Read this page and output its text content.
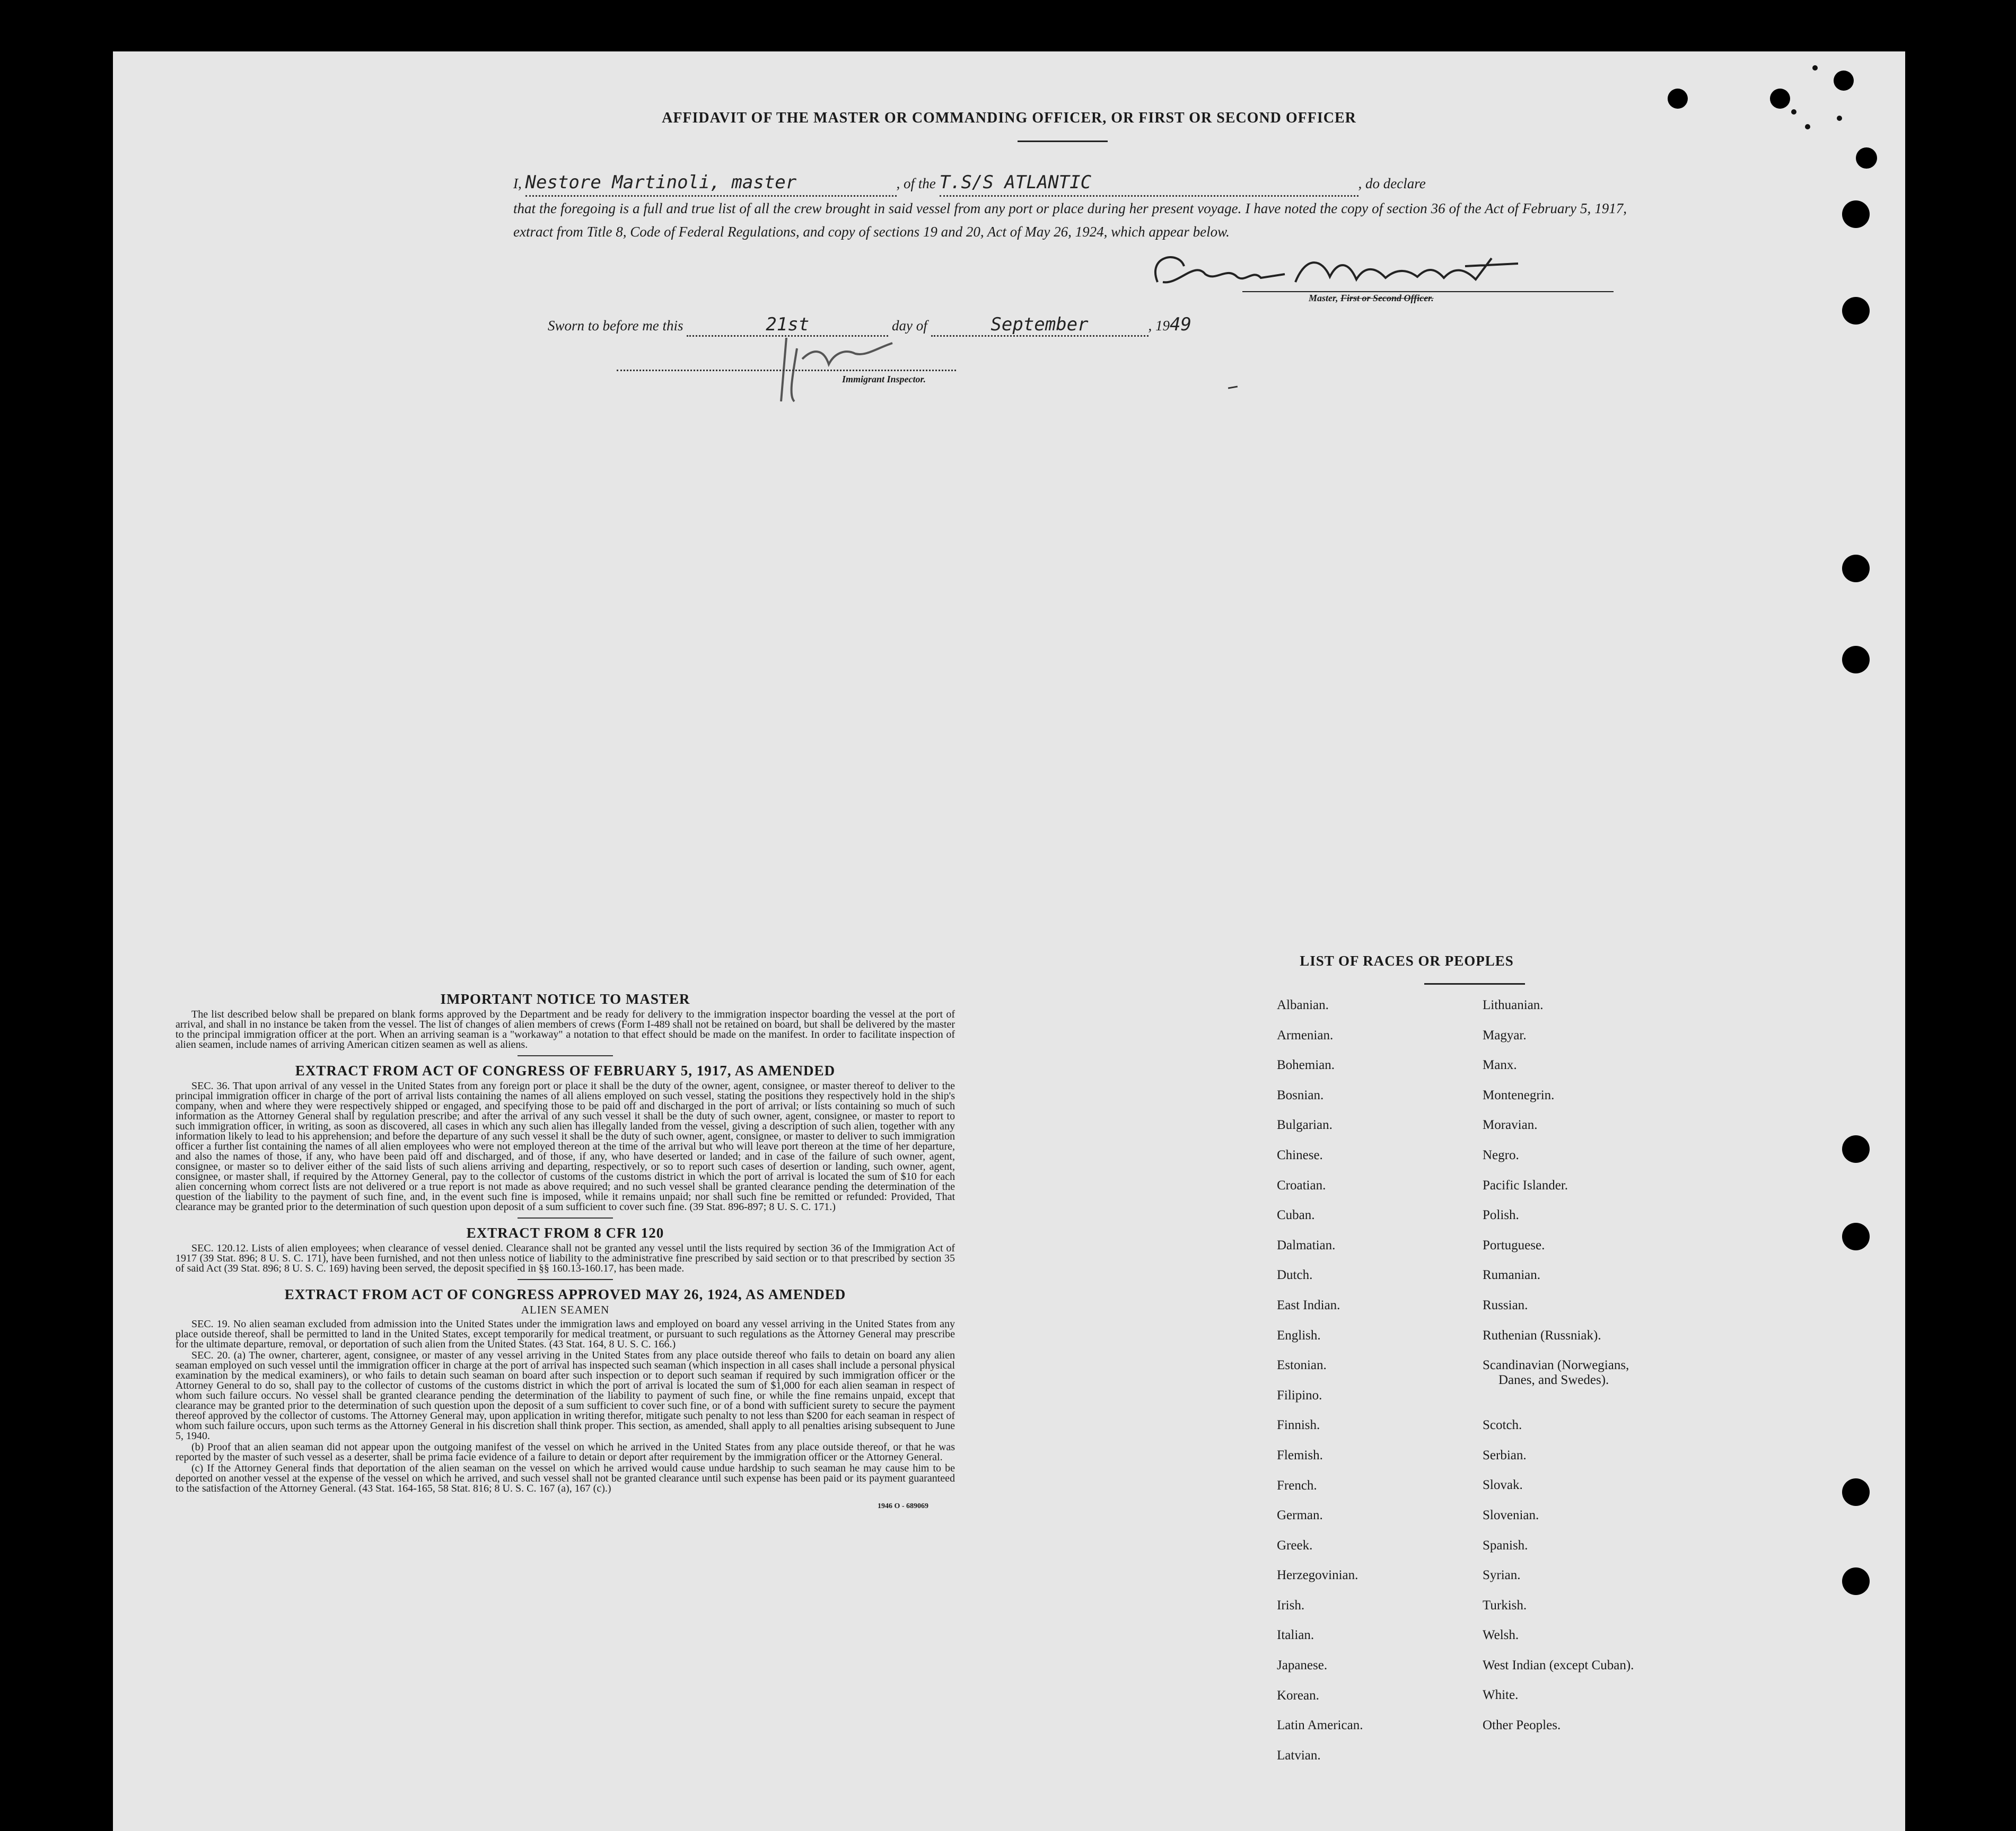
AFFIDAVIT OF THE MASTER OR COMMANDING OFFICER, OR FIRST OR SECOND OFFICER
I, Nestore Martinoli, master	, of the T.S/S ATLANTIC	, do declare
that the foregoing is a full and true list of all the crew brought in said vessel from any port or place during her present voyage. I have noted the copy of section 36 of the Act of February 5, 1917, extract from Title 8, Code of Federal Regulations, and copy of sections 19 and 20, Act of May 26, 1924, which appear below.
Master, First or Second Officer.
Sworn to before me this	21st	day of	September	, 1949
Immigrant Inspector.
IMPORTANT NOTICE TO MASTER

The list described below shall be prepared on blank forms approved by the Department and be ready for delivery to the immigration inspector boarding the vessel at the port of arrival, and shall in no instance be taken from the vessel. The list of changes of alien members of crews (Form I-489 shall not be retained on board, but shall be delivered by the master to the principal immigration officer at the port. When an arriving seaman is a "workaway" a notation to that effect should be made on the manifest. In order to facilitate inspection of alien seamen, include names of arriving American citizen seamen as well as aliens.

EXTRACT FROM ACT OF CONGRESS OF FEBRUARY 5, 1917, AS AMENDED

SEC. 36. That upon arrival of any vessel in the United States from any foreign port or place it shall be the duty of the owner, agent, consignee, or master thereof to deliver to the principal immigration officer in charge of the port of arrival lists containing the names of all aliens employed on such vessel, stating the positions they respectively hold in the ship's company, when and where they were respectively shipped or engaged, and specifying those to be paid off and discharged in the port of arrival; or lists containing so much of such information as the Attorney General shall by regulation prescribe; and after the arrival of any such vessel it shall be the duty of such owner, agent, consignee, or master to report to such immigration officer, in writing, as soon as discovered, all cases in which any such alien has illegally landed from the vessel, giving a description of such alien, together with any information likely to lead to his apprehension; and before the departure of any such vessel it shall be the duty of such owner, agent, consignee, or master to deliver to such immigration officer a further list containing the names of all alien employees who were not employed thereon at the time of the arrival but who will leave port thereon at the time of her departure, and also the names of those, if any, who have been paid off and discharged, and of those, if any, who have deserted or landed; and in case of the failure of such owner, agent, consignee, or master so to deliver either of the said lists of such aliens arriving and departing, respectively, or so to report such cases of desertion or landing, such owner, agent, consignee, or master shall, if required by the Attorney General, pay to the collector of customs of the customs district in which the port of arrival is located the sum of $10 for each alien concerning whom correct lists are not delivered or a true report is not made as above required; and no such vessel shall be granted clearance pending the determination of the question of the liability to the payment of such fine, and, in the event such fine is imposed, while it remains unpaid; nor shall such fine be remitted or refunded: Provided, That clearance may be granted prior to the determination of such question upon deposit of a sum sufficient to cover such fine. (39 Stat. 896-897; 8 U. S. C. 171.)

EXTRACT FROM 8 CFR 120

SEC. 120.12. Lists of alien employees; when clearance of vessel denied. Clearance shall not be granted any vessel until the lists required by section 36 of the Immigration Act of 1917 (39 Stat. 896; 8 U. S. C. 171), have been furnished, and not then unless notice of liability to the administrative fine prescribed by said section or to that prescribed by section 35 of said Act (39 Stat. 896; 8 U. S. C. 169) having been served, the deposit specified in §§ 160.13-160.17, has been made.

EXTRACT FROM ACT OF CONGRESS APPROVED MAY 26, 1924, AS AMENDED
ALIEN SEAMEN

SEC. 19. No alien seaman excluded from admission into the United States under the immigration laws and employed on board any vessel arriving in the United States from any place outside thereof, shall be permitted to land in the United States, except temporarily for medical treatment, or pursuant to such regulations as the Attorney General may prescribe for the ultimate departure, removal, or deportation of such alien from the United States. (43 Stat. 164, 8 U. S. C. 166.)

SEC. 20. (a) The owner, charterer, agent, consignee, or master of any vessel arriving in the United States from any place outside thereof who fails to detain on board any alien seaman employed on such vessel until the immigration officer in charge at the port of arrival has inspected such seaman (which inspection in all cases shall include a personal physical examination by the medical examiners), or who fails to detain such seaman on board after such inspection or to deport such seaman if required by such immigration officer or the Attorney General to do so, shall pay to the collector of customs of the customs district in which the port of arrival is located the sum of $1,000 for each alien seaman in respect of whom such failure occurs. No vessel shall be granted clearance pending the determination of the liability to payment of such fine, or while the fine remains unpaid, except that clearance may be granted prior to the determination of such question upon the deposit of a sum sufficient to cover such fine, or of a bond with sufficient surety to secure the payment thereof approved by the collector of customs. The Attorney General may, upon application in writing therefor, mitigate such penalty to not less than $200 for each seaman in respect of whom such failure occurs, upon such terms as the Attorney General in his discretion shall think proper. This section, as amended, shall apply to all penalties arising subsequent to June 5, 1940.

(b) Proof that an alien seaman did not appear upon the outgoing manifest of the vessel on which he arrived in the United States from any place outside thereof, or that he was reported by the master of such vessel as a deserter, shall be prima facie evidence of a failure to detain or deport after requirement by the immigration officer or the Attorney General.

(c) If the Attorney General finds that deportation of the alien seaman on the vessel on which he arrived would cause undue hardship to such seaman he may cause him to be deported on another vessel at the expense of the vessel on which he arrived, and such vessel shall not be granted clearance until such expense has been paid or its payment guaranteed to the satisfaction of the Attorney General. (43 Stat. 164-165, 58 Stat. 816; 8 U. S. C. 167 (a), 167 (c).)

1946 O - 689069
LIST OF RACES OR PEOPLES
Albanian.
Armenian.
Bohemian.
Bosnian.
Bulgarian.
Chinese.
Croatian.
Cuban.
Dalmatian.
Dutch.
East Indian.
English.
Estonian.
Filipino.
Finnish.
Flemish.
French.
German.
Greek.
Herzegovinian.
Irish.
Italian.
Japanese.
Korean.
Latin American.
Latvian.
Lithuanian.
Magyar.
Manx.
Montenegrin.
Moravian.
Negro.
Pacific Islander.
Polish.
Portuguese.
Rumanian.
Russian.
Ruthenian (Russniak).
Scandinavian (Norwegians,
Danes, and Swedes).
Scotch.
Serbian.
Slovak.
Slovenian.
Spanish.
Syrian.
Turkish.
Welsh.
West Indian (except Cuban).
White.
Other Peoples.
